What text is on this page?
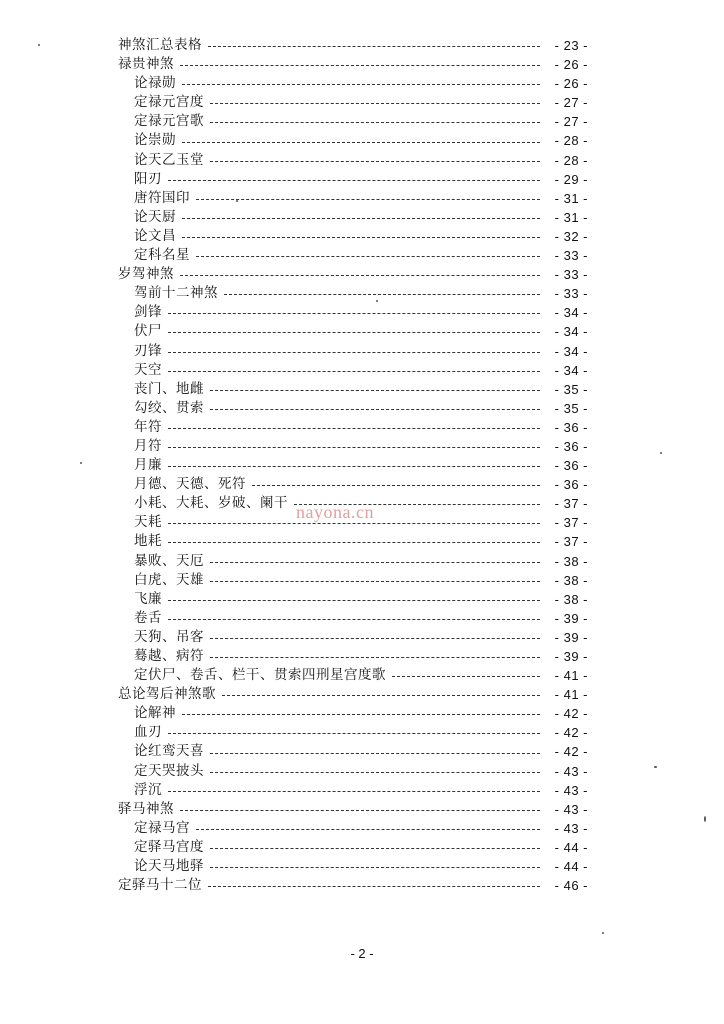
神煞汇总表格	- 23 -
禄贵神煞	- 26 -
论禄勋	- 26 -
定禄元宫度	- 27 -
定禄元宫歌	- 27 -
论崇勋	- 28 -
论天乙玉堂	- 28 -
阳刃	- 29 -
唐符国印	- 31 -
论天厨	- 31 -
论文昌	- 32 -
定科名星	- 33 -
岁驾神煞	- 33 -
驾前十二神煞	- 33 -
剑锋	- 34 -
伏尸	- 34 -
刃锋	- 34 -
天空	- 34 -
丧门、地雌	- 35 -
勾绞、贯索	- 35 -
年符	- 36 -
月符	- 36 -
月廉	- 36 -
月德、天德、死符	- 36 -
小耗、大耗、岁破、阑干	- 37 -
天耗	- 37 -
地耗	- 37 -
暴败、天厄	- 38 -
白虎、天雄	- 38 -
飞廉	- 38 -
卷舌	- 39 -
天狗、吊客	- 39 -
蓦越、病符	- 39 -
定伏尸、卷舌、栏干、贯索四刑星宫度歌	- 41 -
总论驾后神煞歌	- 41 -
论解神	- 42 -
血刃	- 42 -
论红鸾天喜	- 42 -
定天哭披头	- 43 -
浮沉	- 43 -
驿马神煞	- 43 -
定禄马宫	- 43 -
定驿马宫度	- 44 -
论天马地驿	- 44 -
定驿马十二位	- 46 -
nayona.cn
- 2 -
